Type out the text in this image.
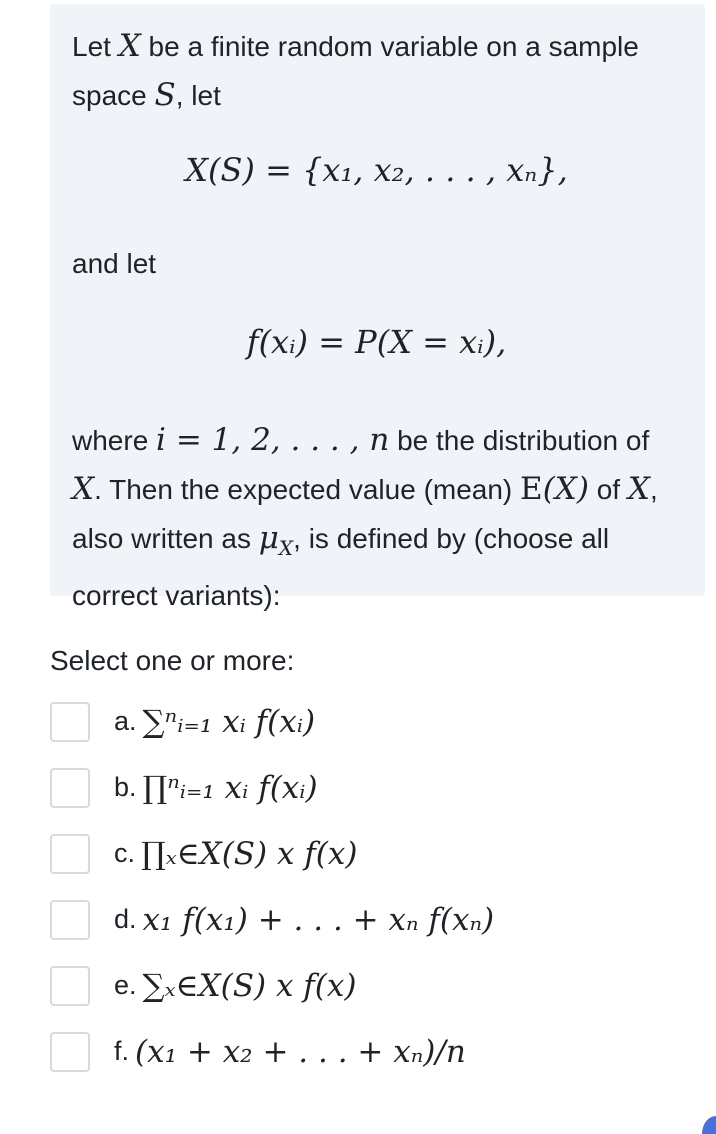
Let X be a finite random variable on a sample space S, let

X(S) = {x₁, x₂, . . . , xₙ},

and let

f(xᵢ) = P(X = xᵢ),

where i = 1, 2, . . . , n be the distribution of X. Then the expected value (mean) E(X) of X, also written as $\mu_X$, is defined by (choose all correct variants):

Select one or more:

a. ∑ⁿᵢ₌₁ xᵢ f(xᵢ)
b. ∏ⁿᵢ₌₁ xᵢ f(xᵢ)
c. ∏ₓ∈X(S) x f(x)
d. x₁ f(x₁) + . . . + xₙ f(xₙ)
e. ∑ₓ∈X(S) x f(x)
f. (x₁ + x₂ + . . . + xₙ)/n
